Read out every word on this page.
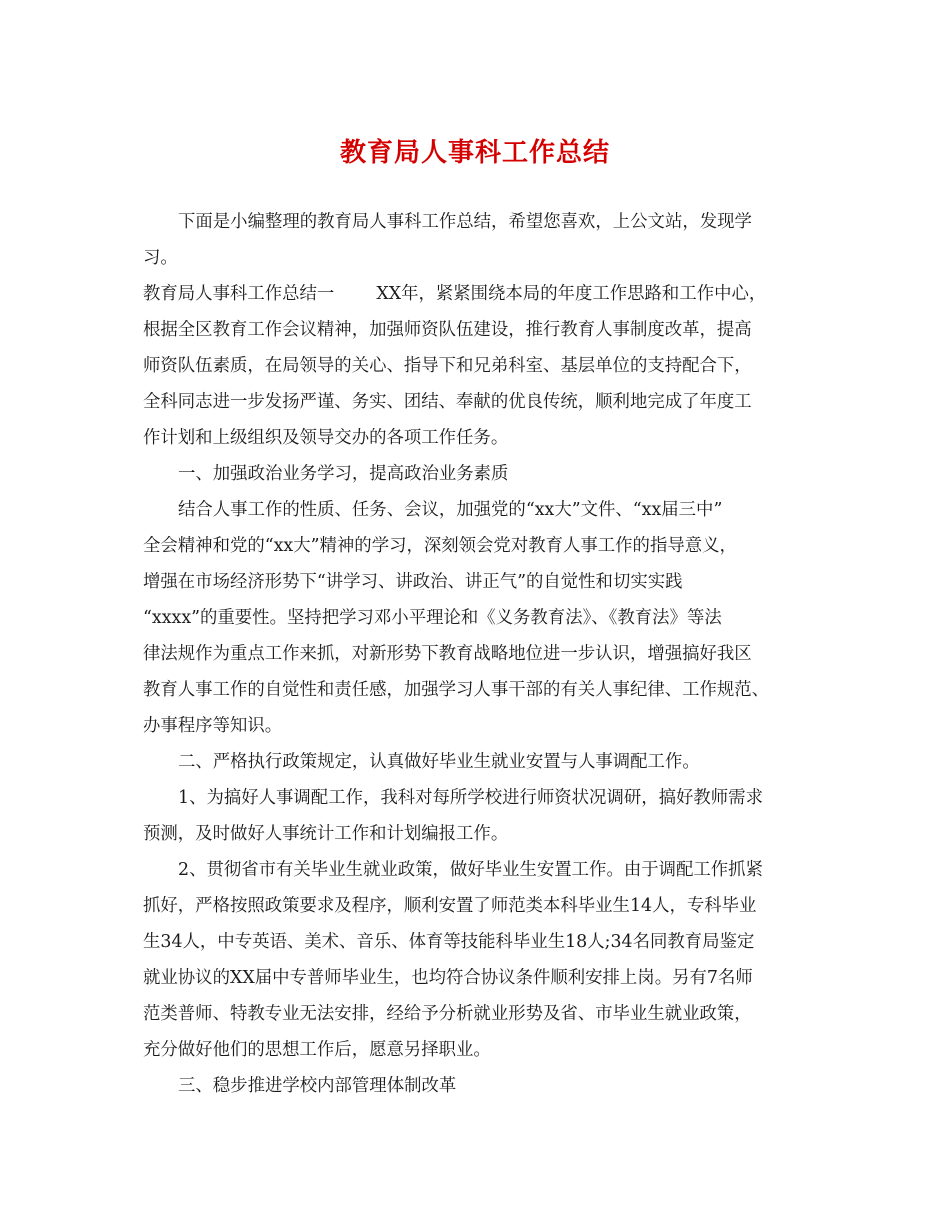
教育局人事科工作总结

下面是小编整理的教育局人事科工作总结，希望您喜欢，上公文站，发现学

习。

教育局人事科工作总结一 XX年，紧紧围绕本局的年度工作思路和工作中心，

根据全区教育工作会议精神，加强师资队伍建设，推行教育人事制度改革，提高

师资队伍素质，在局领导的关心、指导下和兄弟科室、基层单位的支持配合下，

全科同志进一步发扬严谨、务实、团结、奉献的优良传统，顺利地完成了年度工

作计划和上级组织及领导交办的各项工作任务。

一、加强政治业务学习，提高政治业务素质

结合人事工作的性质、任务、会议，加强党的“xx大”文件、“xx届三中”

全会精神和党的“xx大”精神的学习，深刻领会党对教育人事工作的指导意义，

增强在市场经济形势下“讲学习、讲政治、讲正气”的自觉性和切实实践

“xxxx”的重要性。坚持把学习邓小平理论和《义务教育法》、《教育法》等法

律法规作为重点工作来抓，对新形势下教育战略地位进一步认识，增强搞好我区

教育人事工作的自觉性和责任感，加强学习人事干部的有关人事纪律、工作规范、

办事程序等知识。

二、严格执行政策规定，认真做好毕业生就业安置与人事调配工作。

1、为搞好人事调配工作，我科对每所学校进行师资状况调研，搞好教师需求

预测，及时做好人事统计工作和计划编报工作。

2、贯彻省市有关毕业生就业政策，做好毕业生安置工作。由于调配工作抓紧

抓好，严格按照政策要求及程序，顺利安置了师范类本科毕业生14人，专科毕业

生34人，中专英语、美术、音乐、体育等技能科毕业生18人;34名同教育局鉴定

就业协议的XX届中专普师毕业生，也均符合协议条件顺利安排上岗。另有7名师

范类普师、特教专业无法安排，经给予分析就业形势及省、市毕业生就业政策，

充分做好他们的思想工作后，愿意另择职业。

三、稳步推进学校内部管理体制改革
